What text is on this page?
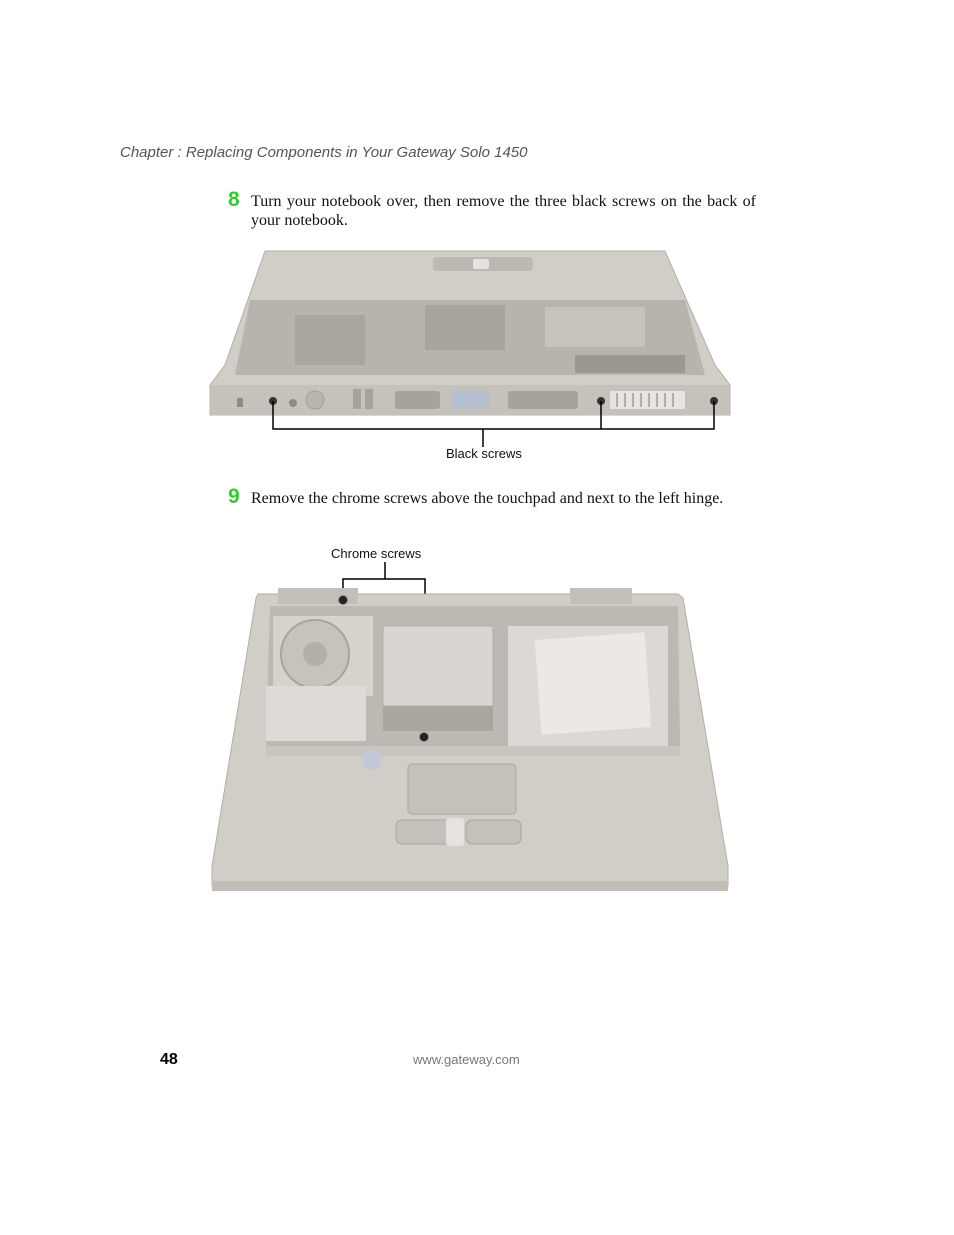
Chapter : Replacing Components in Your Gateway Solo 1450
8 Turn your notebook over, then remove the three black screws on the back of your notebook.
Black screws
9 Remove the chrome screws above the touchpad and next to the left hinge.
Chrome screws
48	www.gateway.com
